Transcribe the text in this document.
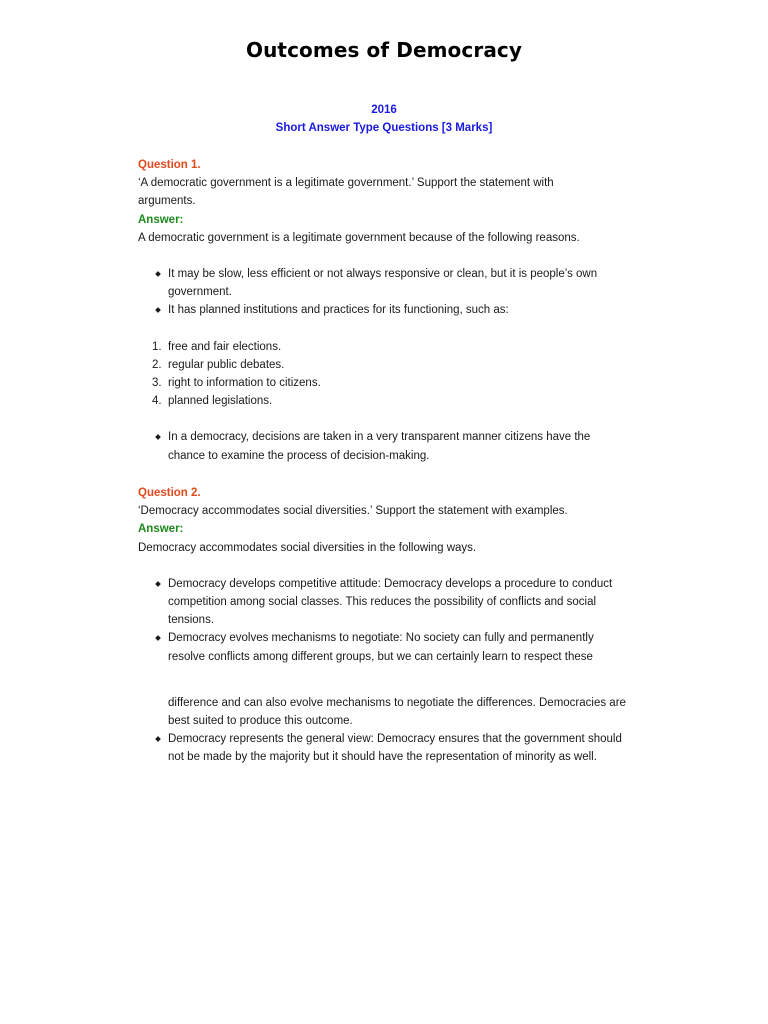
Outcomes of Democracy
2016
Short Answer Type Questions [3 Marks]

Question 1.

‘A democratic government is a legitimate government.’ Support the statement with arguments.

Answer:

A democratic government is a legitimate government because of the following reasons.

It may be slow, less efficient or not always responsive or clean, but it is people’s own government.
It has planned institutions and practices for its functioning, such as:
1. free and fair elections.
2. regular public debates.
3. right to information to citizens.
4. planned legislations.
In a democracy, decisions are taken in a very transparent manner citizens have the chance to examine the process of decision-making.

Question 2.

‘Democracy accommodates social diversities.’ Support the statement with examples.

Answer:

Democracy accommodates social diversities in the following ways.

Democracy develops competitive attitude: Democracy develops a procedure to conduct competition among social classes. This reduces the possibility of conflicts and social tensions.
Democracy evolves mechanisms to negotiate: No society can fully and permanently resolve conflicts among different groups, but we can certainly learn to respect these

difference and can also evolve mechanisms to negotiate the differences. Democracies are best suited to produce this outcome.

Democracy represents the general view: Democracy ensures that the government should not be made by the majority but it should have the representation of minority as well.
